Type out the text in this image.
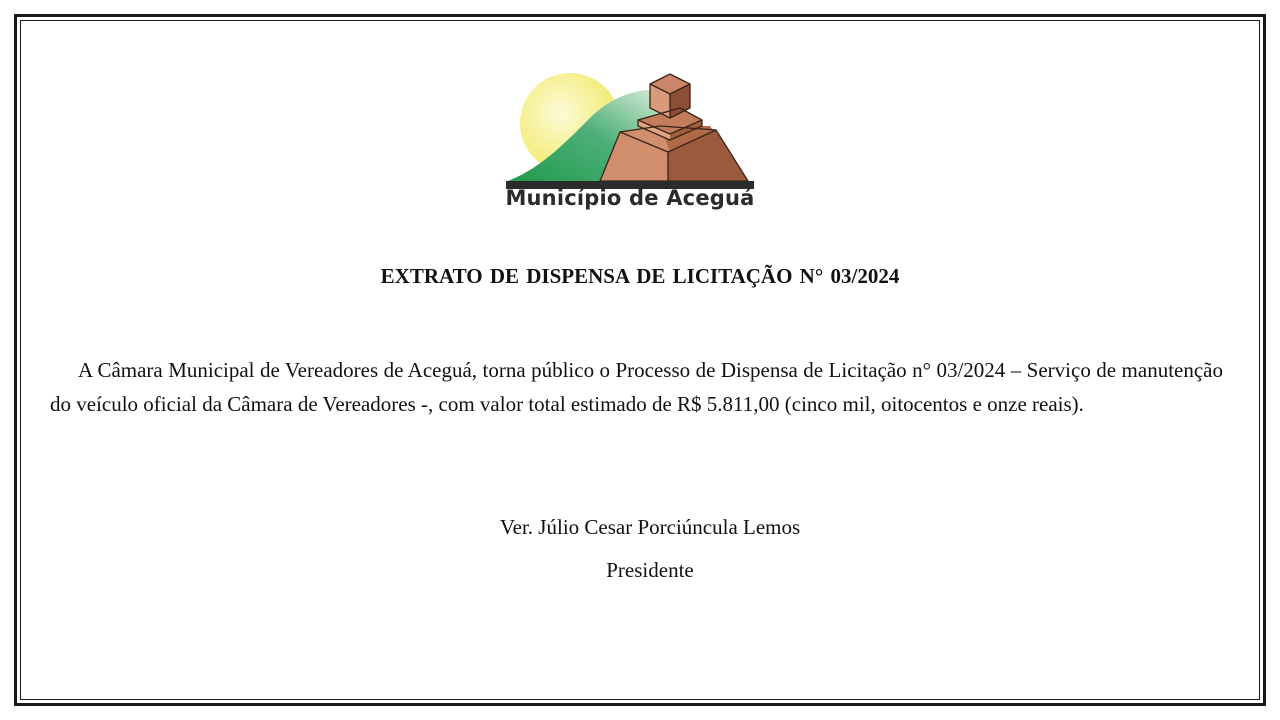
Município de Aceguá
EXTRATO DE DISPENSA DE LICITAÇÃO N° 03/2024

A Câmara Municipal de Vereadores de Aceguá, torna público o Processo de Dispensa de Licitação n° 03/2024 – Serviço de manutenção do veículo oficial da Câmara de Vereadores -, com valor total estimado de R$ 5.811,00 (cinco mil, oitocentos e onze reais).

Ver. Júlio Cesar Porciúncula Lemos
Presidente
